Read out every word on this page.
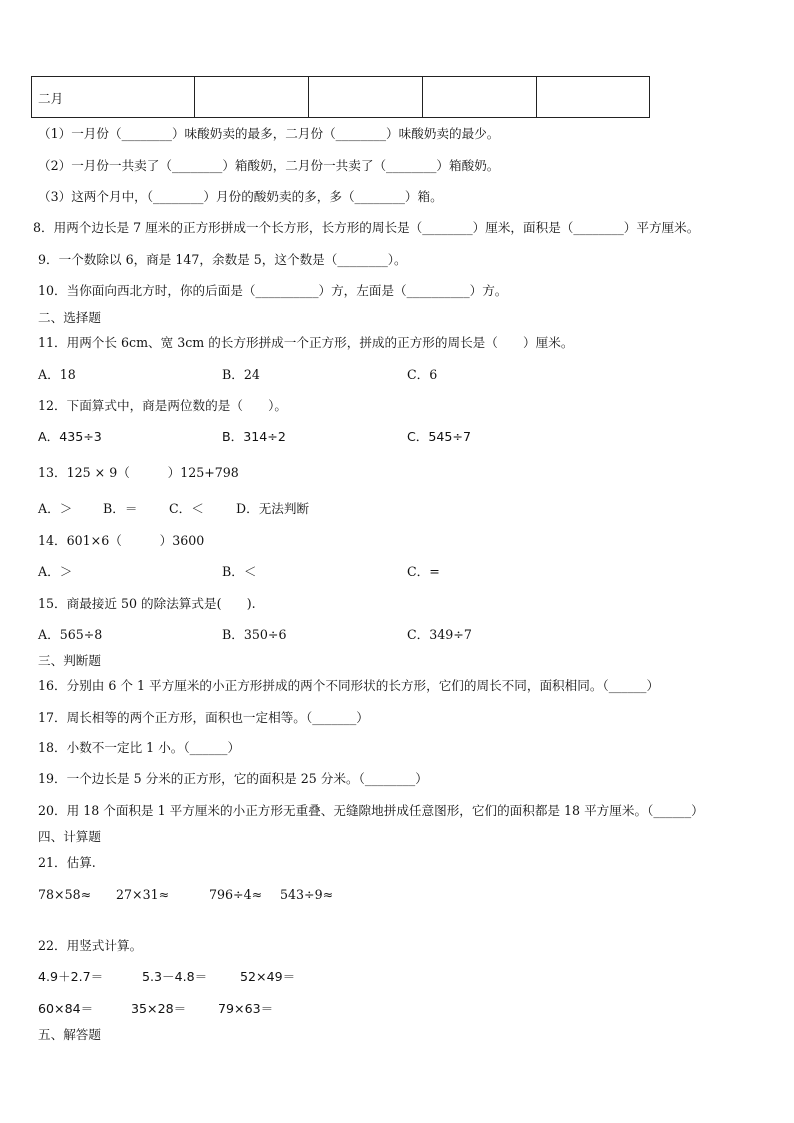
二月				
（1）一月份（________）味酸奶卖的最多，二月份（________）味酸奶卖的最少。
（2）一月份一共卖了（________）箱酸奶，二月份一共卖了（________）箱酸奶。
（3）这两个月中，（________）月份的酸奶卖的多，多（________）箱。
8．用两个边长是 7 厘米的正方形拼成一个长方形，长方形的周长是（________）厘米，面积是（________）平方厘米。
9．一个数除以 6，商是 147，余数是 5，这个数是（________）。
10．当你面向西北方时，你的后面是（__________）方，左面是（__________）方。
二、选择题
11．用两个长 6cm、宽 3cm 的长方形拼成一个正方形，拼成的正方形的周长是（　　）厘米。
A．18	B．24	C．6
12．下面算式中，商是两位数的是（　　）。
A．435÷3	B．314÷2	C．545÷7
13．125 × 9（　　　）125+798
A．＞ B．＝	C．＜	D．无法判断
14．601×6（　　　）3600
A．＞	B．＜	C．=
15．商最接近 50 的除法算式是(　　).
A．565÷8	B．350÷6	C．349÷7
三、判断题
16．分别由 6 个 1 平方厘米的小正方形拼成的两个不同形状的长方形，它们的周长不同，面积相同。（______）
17．周长相等的两个正方形，面积也一定相等。（_______）
18．小数不一定比 1 小。（______）
19．一个边长是 5 分米的正方形，它的面积是 25 分米。（________）
20．用 18 个面积是 1 平方厘米的小正方形无重叠、无缝隙地拼成任意图形，它们的面积都是 18 平方厘米。（______）
四、计算题
21．估算.
78×58≈ 27×31≈	796÷4≈ 543÷9≈
22．用竖式计算。
4.9＋2.7＝	5.3－4.8＝	52×49＝
60×84＝	35×28＝	79×63＝
五、解答题
